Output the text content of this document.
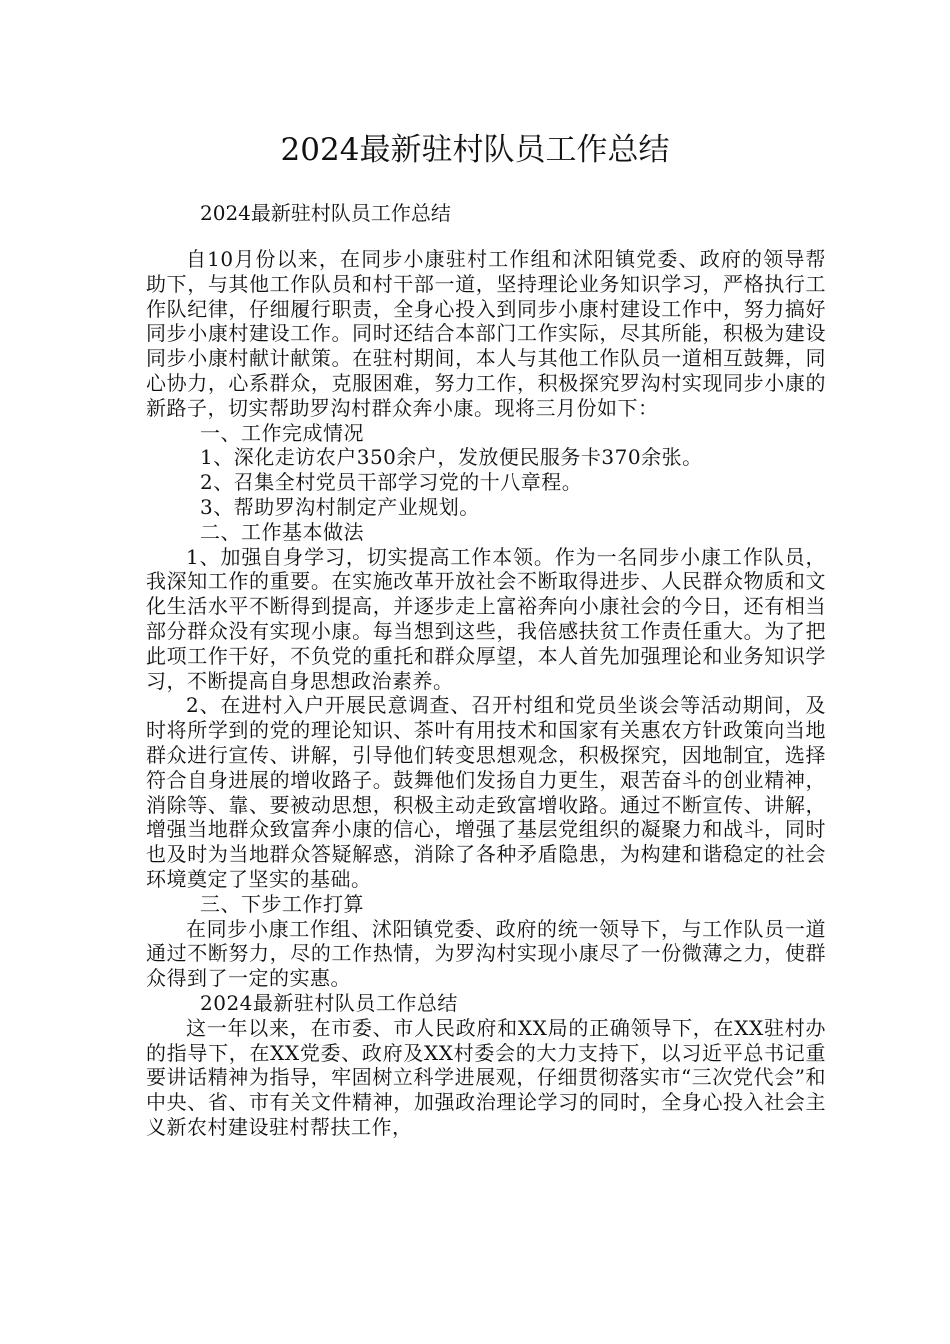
2024最新驻村队员工作总结

2024最新驻村队员工作总结

自10月份以来，在同步小康驻村工作组和沭阳镇党委、政府的领导帮助下，与其他工作队员和村干部一道，坚持理论业务知识学习，严格执行工作队纪律，仔细履行职责，全身心投入到同步小康村建设工作中，努力搞好同步小康村建设工作。同时还结合本部门工作实际，尽其所能，积极为建设同步小康村献计献策。在驻村期间，本人与其他工作队员一道相互鼓舞，同心协力，心系群众，克服困难，努力工作，积极探究罗沟村实现同步小康的新路子，切实帮助罗沟村群众奔小康。现将三月份如下：

一、工作完成情况

1、深化走访农户350余户，发放便民服务卡370余张。

2、召集全村党员干部学习党的十八章程。

3、帮助罗沟村制定产业规划。

二、工作基本做法

1、加强自身学习，切实提高工作本领。作为一名同步小康工作队员，我深知工作的重要。在实施改革开放社会不断取得进步、人民群众物质和文化生活水平不断得到提高，并逐步走上富裕奔向小康社会的今日，还有相当部分群众没有实现小康。每当想到这些，我倍感扶贫工作责任重大。为了把此项工作干好，不负党的重托和群众厚望，本人首先加强理论和业务知识学习，不断提高自身思想政治素养。

2、在进村入户开展民意调查、召开村组和党员坐谈会等活动期间，及时将所学到的党的理论知识、茶叶有用技术和国家有关惠农方针政策向当地群众进行宣传、讲解，引导他们转变思想观念，积极探究，因地制宜，选择符合自身进展的增收路子。鼓舞他们发扬自力更生，艰苦奋斗的创业精神，消除等、靠、要被动思想，积极主动走致富增收路。通过不断宣传、讲解，增强当地群众致富奔小康的信心，增强了基层党组织的凝聚力和战斗，同时也及时为当地群众答疑解惑，消除了各种矛盾隐患，为构建和谐稳定的社会环境奠定了坚实的基础。

三、下步工作打算

在同步小康工作组、沭阳镇党委、政府的统一领导下，与工作队员一道通过不断努力，尽的工作热情，为罗沟村实现小康尽了一份微薄之力，使群众得到了一定的实惠。

2024最新驻村队员工作总结

这一年以来，在市委、市人民政府和XX局的正确领导下，在XX驻村办的指导下，在XX党委、政府及XX村委会的大力支持下，以习近平总书记重要讲话精神为指导，牢固树立科学进展观，仔细贯彻落实市“三次党代会”和中央、省、市有关文件精神，加强政治理论学习的同时，全身心投入社会主义新农村建设驻村帮扶工作，
